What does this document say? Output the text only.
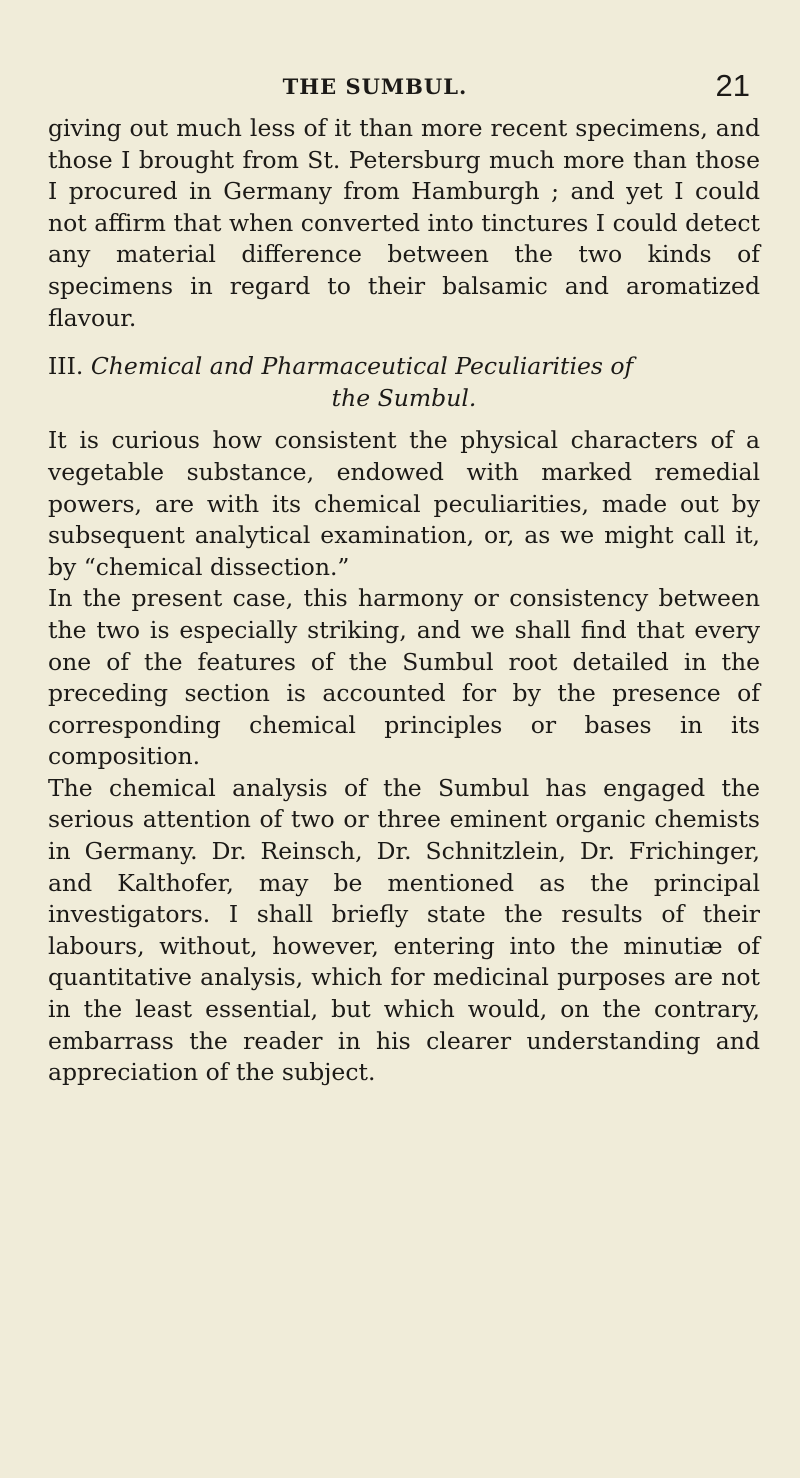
THE SUMBUL.	21

giving out much less of it than more recent specimens, and those I brought from St. Petersburg much more than those I procured in Germany from Hamburgh ; and yet I could not affirm that when converted into tinctures I could detect any material difference between the two kinds of specimens in regard to their balsamic and aromatized flavour.

III. Chemical and Pharmaceutical Peculiarities of
the Sumbul.

It is curious how consistent the physical characters of a vegetable substance, endowed with marked remedial powers, are with its chemical peculiarities, made out by subsequent analytical examination, or, as we might call it, by “chemical dissection.”

In the present case, this harmony or consistency between the two is especially striking, and we shall find that every one of the features of the Sumbul root detailed in the preceding section is accounted for by the presence of corresponding chemical principles or bases in its composition.

The chemical analysis of the Sumbul has engaged the serious attention of two or three eminent organic chemists in Germany. Dr. Reinsch, Dr. Schnitzlein, Dr. Frichinger, and Kalthofer, may be mentioned as the principal investigators. I shall briefly state the results of their labours, without, however, entering into the minutiæ of quantitative analysis, which for medicinal purposes are not in the least essential, but which would, on the contrary, embarrass the reader in his clearer understanding and appreciation of the subject.
